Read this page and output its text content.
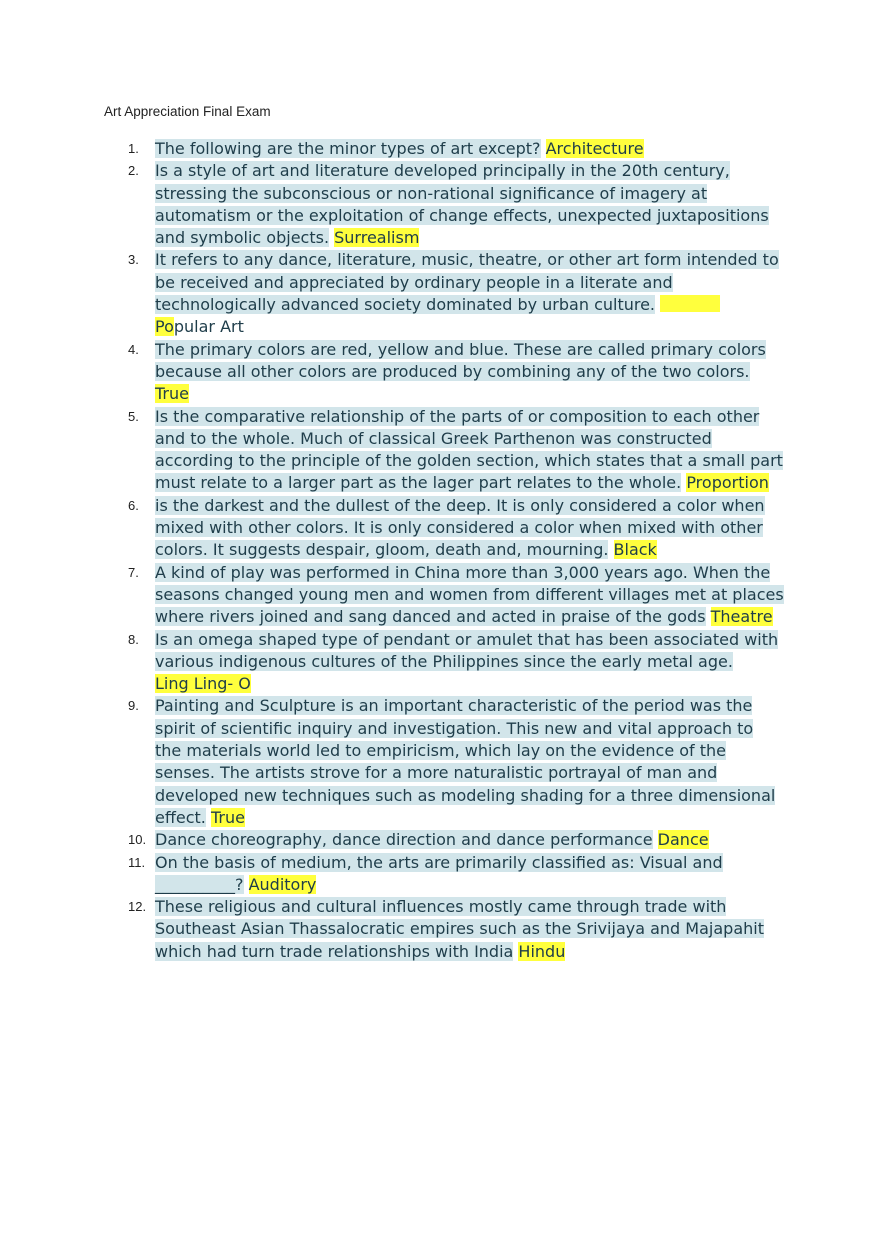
Art Appreciation Final Exam

1. The following are the minor types of art except? Architecture
2. Is a style of art and literature developed principally in the 20th century, stressing the subconscious or non-rational significance of imagery at automatism or the exploitation of change effects, unexpected juxtapositions and symbolic objects. Surrealism
3. It refers to any dance, literature, music, theatre, or other art form intended to be received and appreciated by ordinary people in a literate and technologically advanced society dominated by urban culture.
Popular Art
4. The primary colors are red, yellow and blue. These are called primary colors because all other colors are produced by combining any of the two colors. True
5. Is the comparative relationship of the parts of or composition to each other and to the whole. Much of classical Greek Parthenon was constructed according to the principle of the golden section, which states that a small part must relate to a larger part as the lager part relates to the whole. Proportion
6. is the darkest and the dullest of the deep. It is only considered a color when mixed with other colors. It is only considered a color when mixed with other colors. It suggests despair, gloom, death and, mourning. Black
7. A kind of play was performed in China more than 3,000 years ago. When the seasons changed young men and women from different villages met at places where rivers joined and sang danced and acted in praise of the gods Theatre
8. Is an omega shaped type of pendant or amulet that has been associated with various indigenous cultures of the Philippines since the early metal age.
Ling Ling- O
9. Painting and Sculpture is an important characteristic of the period was the spirit of scientific inquiry and investigation. This new and vital approach to the materials world led to empiricism, which lay on the evidence of the senses. The artists strove for a more naturalistic portrayal of man and developed new techniques such as modeling shading for a three dimensional effect. True
10. Dance choreography, dance direction and dance performance Dance
11. On the basis of medium, the arts are primarily classified as: Visual and __________? Auditory
12. These religious and cultural influences mostly came through trade with Southeast Asian Thassalocratic empires such as the Srivijaya and Majapahit which had turn trade relationships with India Hindu
